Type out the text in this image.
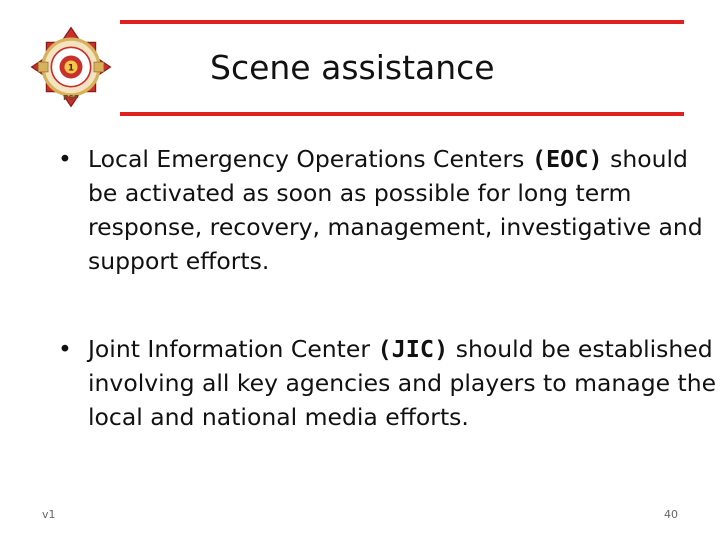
1
PSF
Scene assistance
• Local Emergency Operations Centers (EOC) should be activated as soon as possible for long term response, recovery, management, investigative and support efforts.
• Joint Information Center (JIC) should be established involving all key agencies and players to manage the local and national media efforts.
v1	40
